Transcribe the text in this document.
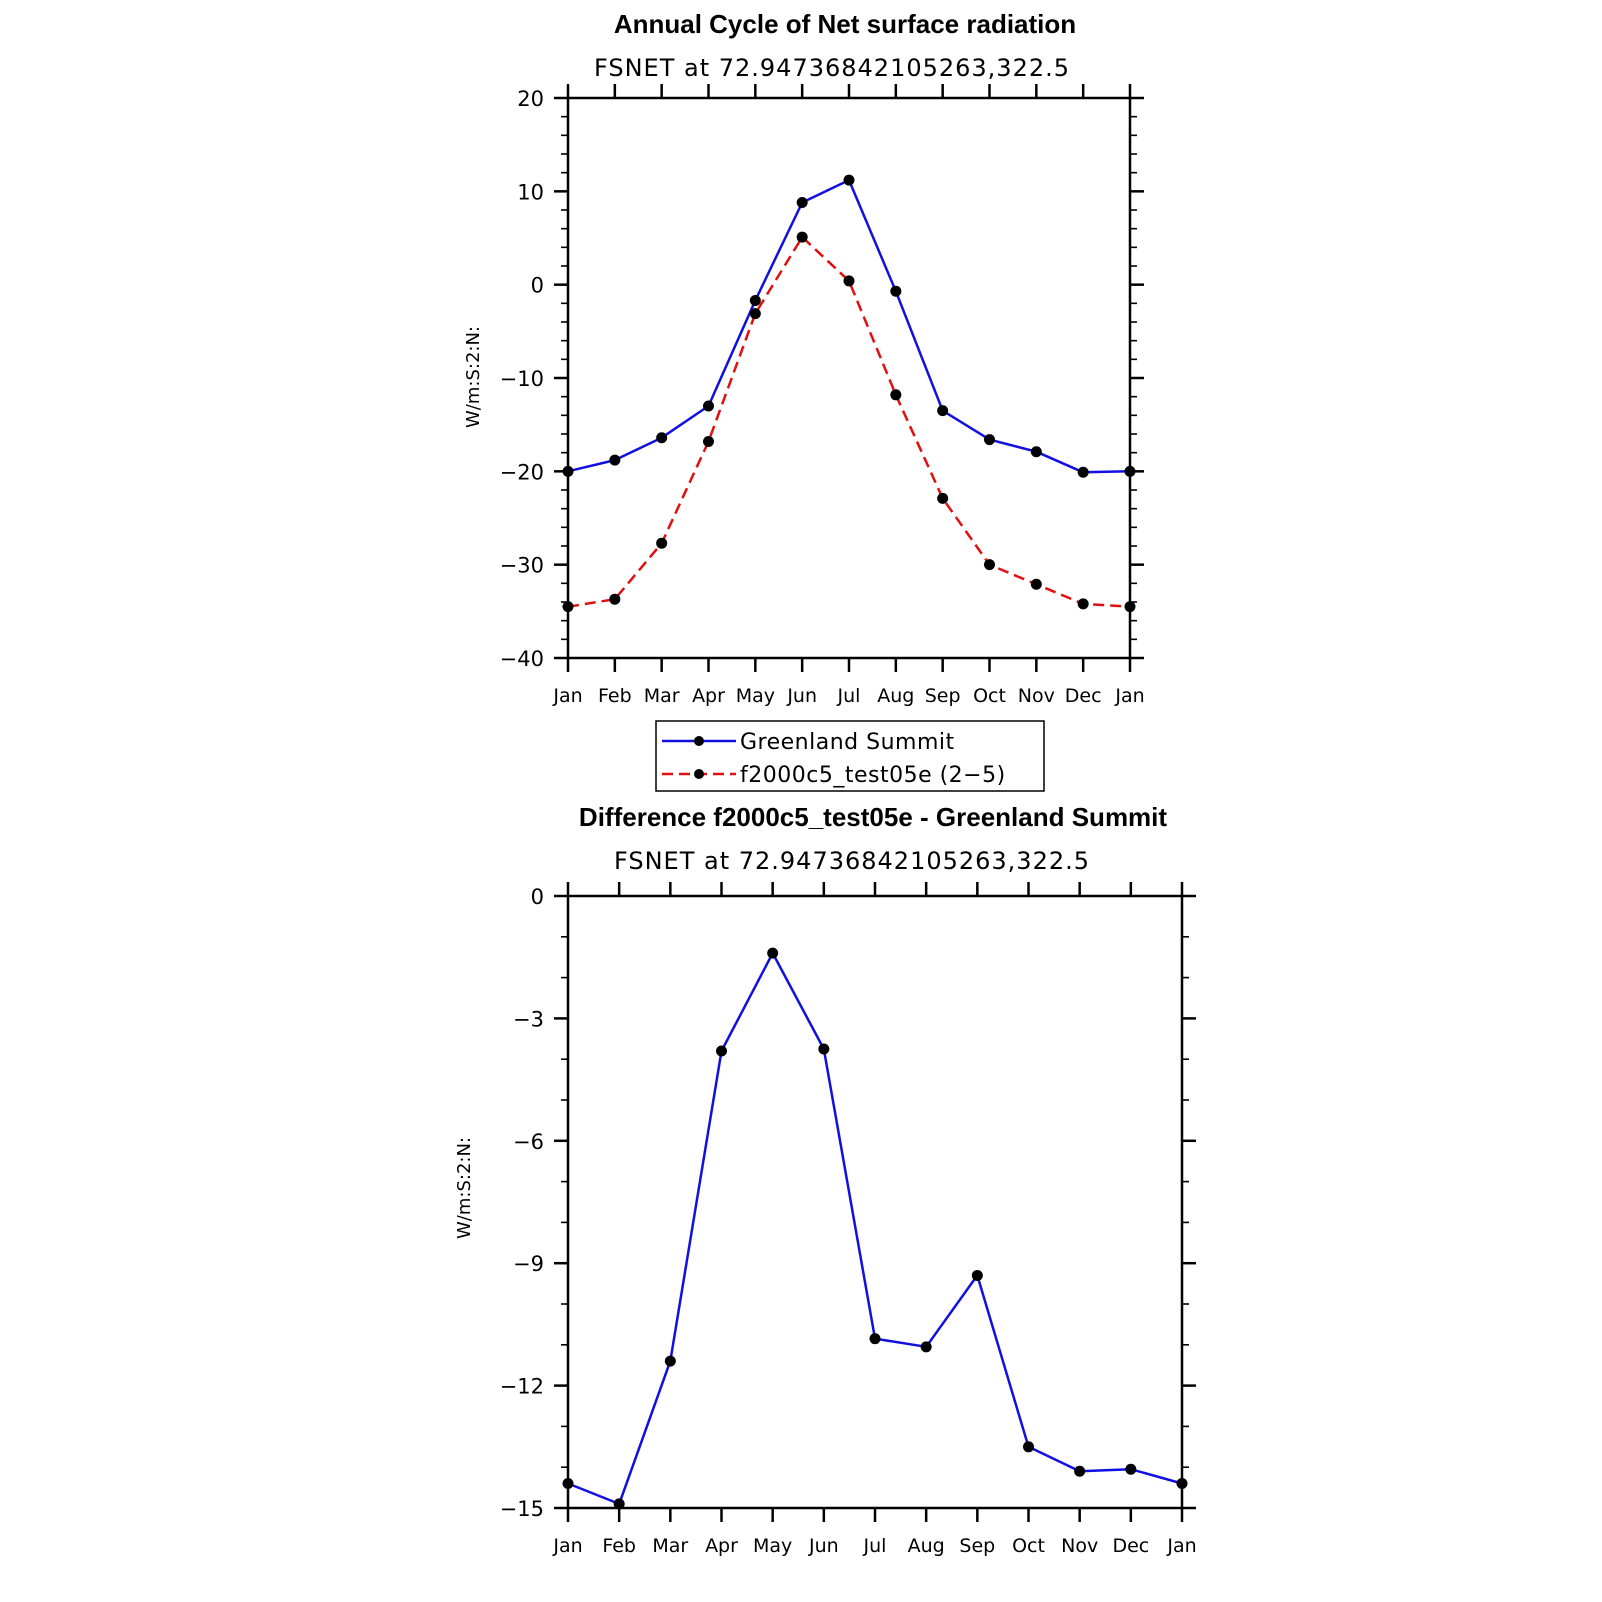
Annual Cycle of Net surface radiation
FSNET at 72.94736842105263,322.5
W/m:S:2:N:
20
10
0
−10
−20
−30
−40
Jan Feb Mar Apr May Jun Jul Aug Sep Oct Nov Dec Jan
Greenland Summit
f2000c5_test05e (2−5)
Difference f2000c5_test05e - Greenland Summit
FSNET at 72.94736842105263,322.5
W/m:S:2:N:
0
−3
−6
−9
−12
−15
Jan Feb Mar Apr May Jun Jul Aug Sep Oct Nov Dec Jan
